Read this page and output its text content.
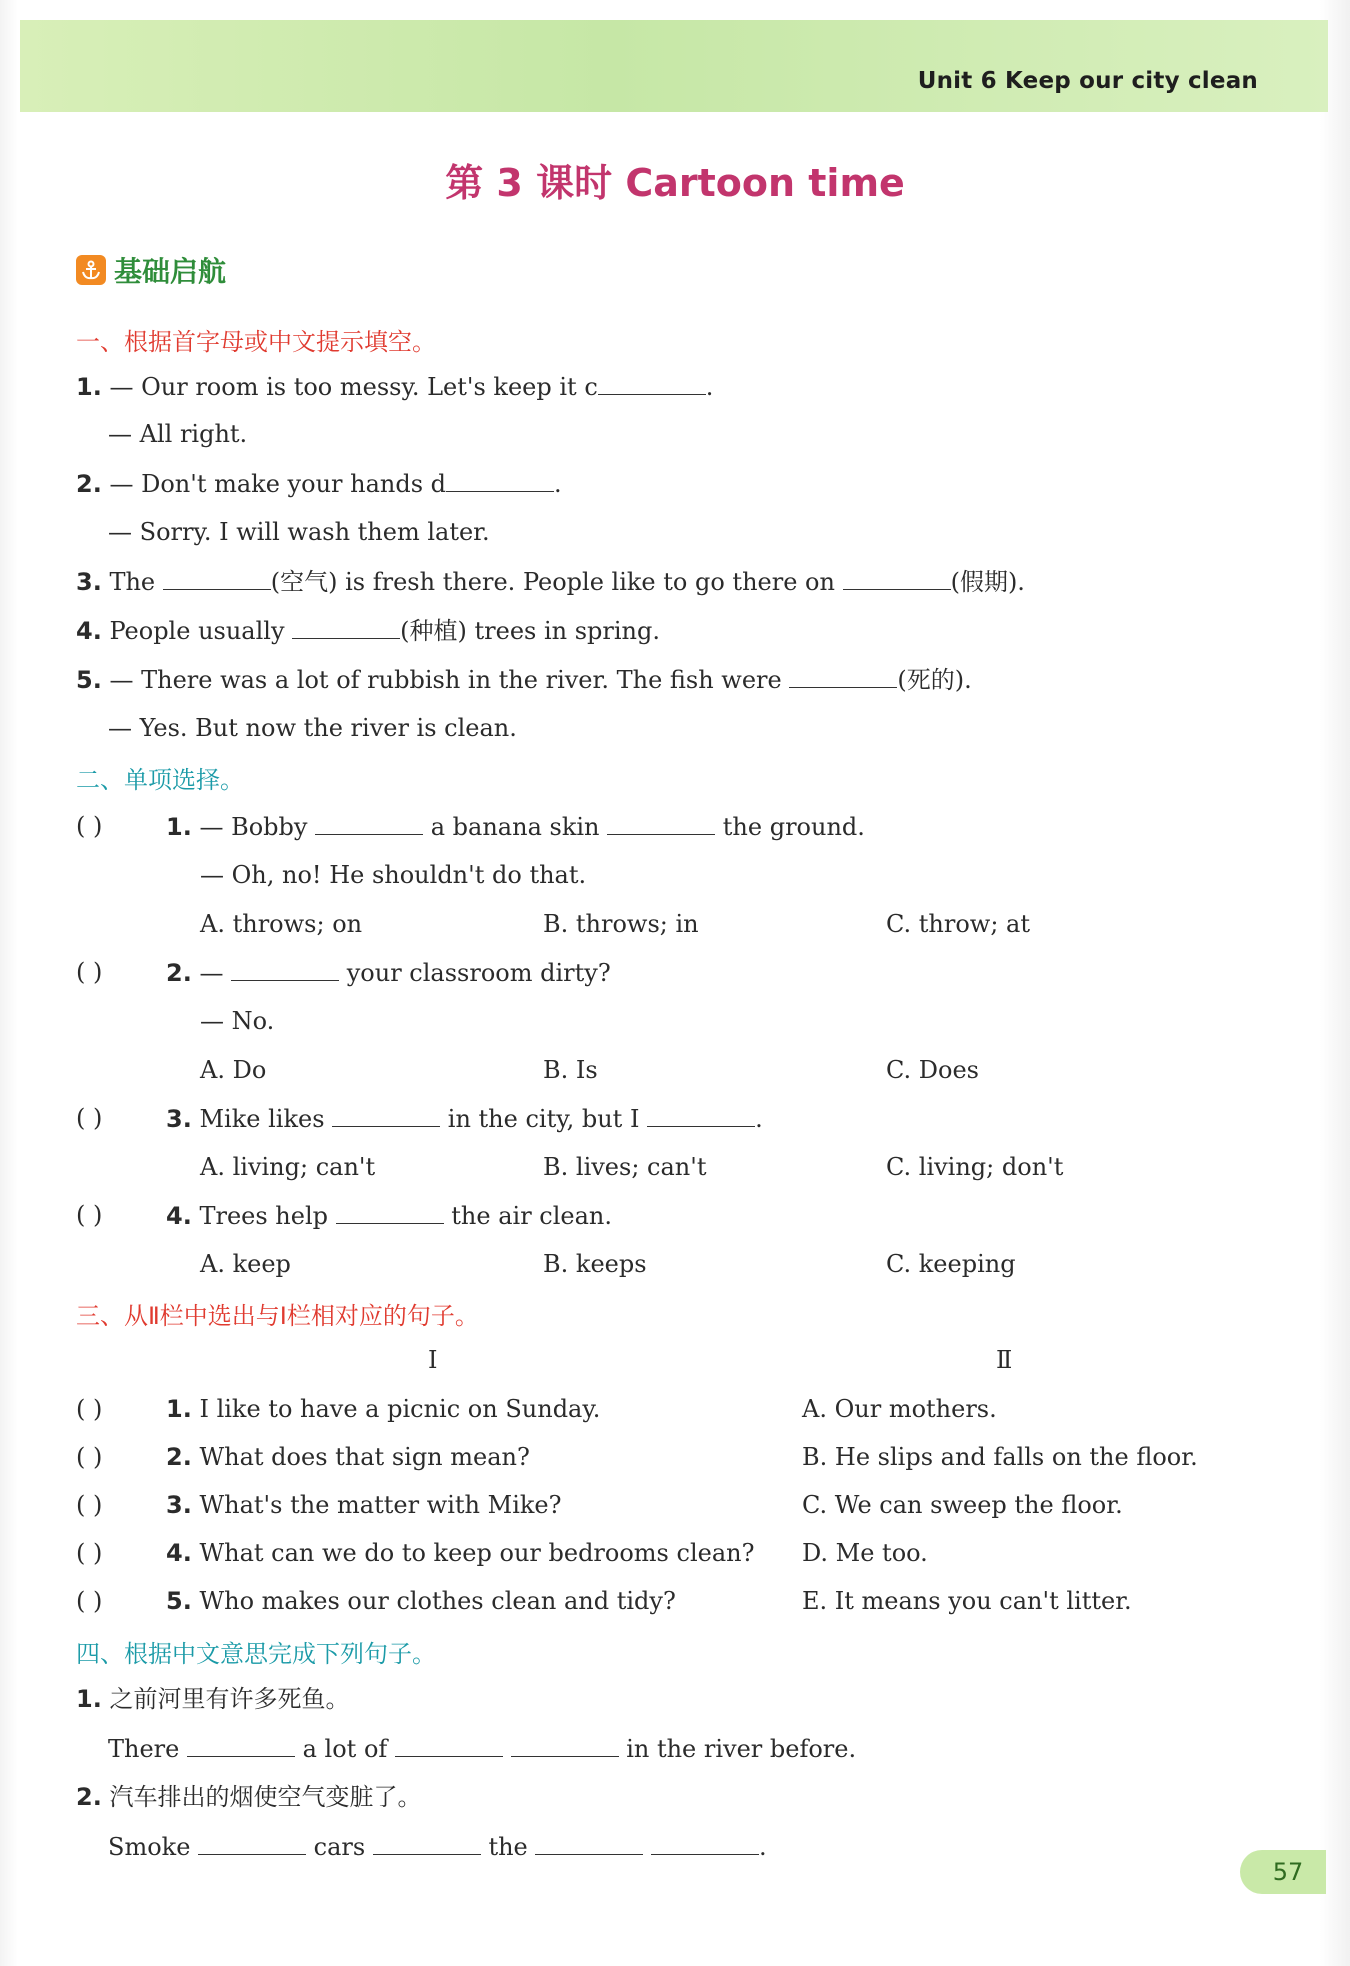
Unit 6 Keep our city clean
第 3 课时 Cartoon time
基础启航
一、根据首字母或中文提示填空。
1. — Our room is too messy. Let's keep it c	.
— All right.
2. — Don't make your hands d	.
— Sorry. I will wash them later.
3. The	(空气) is fresh there. People like to go there on	(假期).
4. People usually	(种植) trees in spring.
5. — There was a lot of rubbish in the river. The fish were	(死的).
— Yes. But now the river is clean.
二、单项选择。
( )	1. — Bobby	a banana skin	the ground.
— Oh, no! He shouldn't do that.
A. throws; on	B. throws; in	C. throw; at
( )	2. —	your classroom dirty?
— No.
A. Do	B. Is	C. Does
( )	3. Mike likes	in the city, but I	.
A. living; can't	B. lives; can't	C. living; don't
( )	4. Trees help	the air clean.
A. keep	B. keeps	C. keeping
三、从Ⅱ栏中选出与Ⅰ栏相对应的句子。
Ⅰ	Ⅱ
( )	1. I like to have a picnic on Sunday.	A. Our mothers.
( )	2. What does that sign mean?	B. He slips and falls on the floor.
( )	3. What's the matter with Mike?	C. We can sweep the floor.
( )	4. What can we do to keep our bedrooms clean? D. Me too.
( )	5. Who makes our clothes clean and tidy?	E. It means you can't litter.
四、根据中文意思完成下列句子。
1. 之前河里有许多死鱼。
There	a lot of	in the river before.
2. 汽车排出的烟使空气变脏了。
Smoke	cars	the	.
57
